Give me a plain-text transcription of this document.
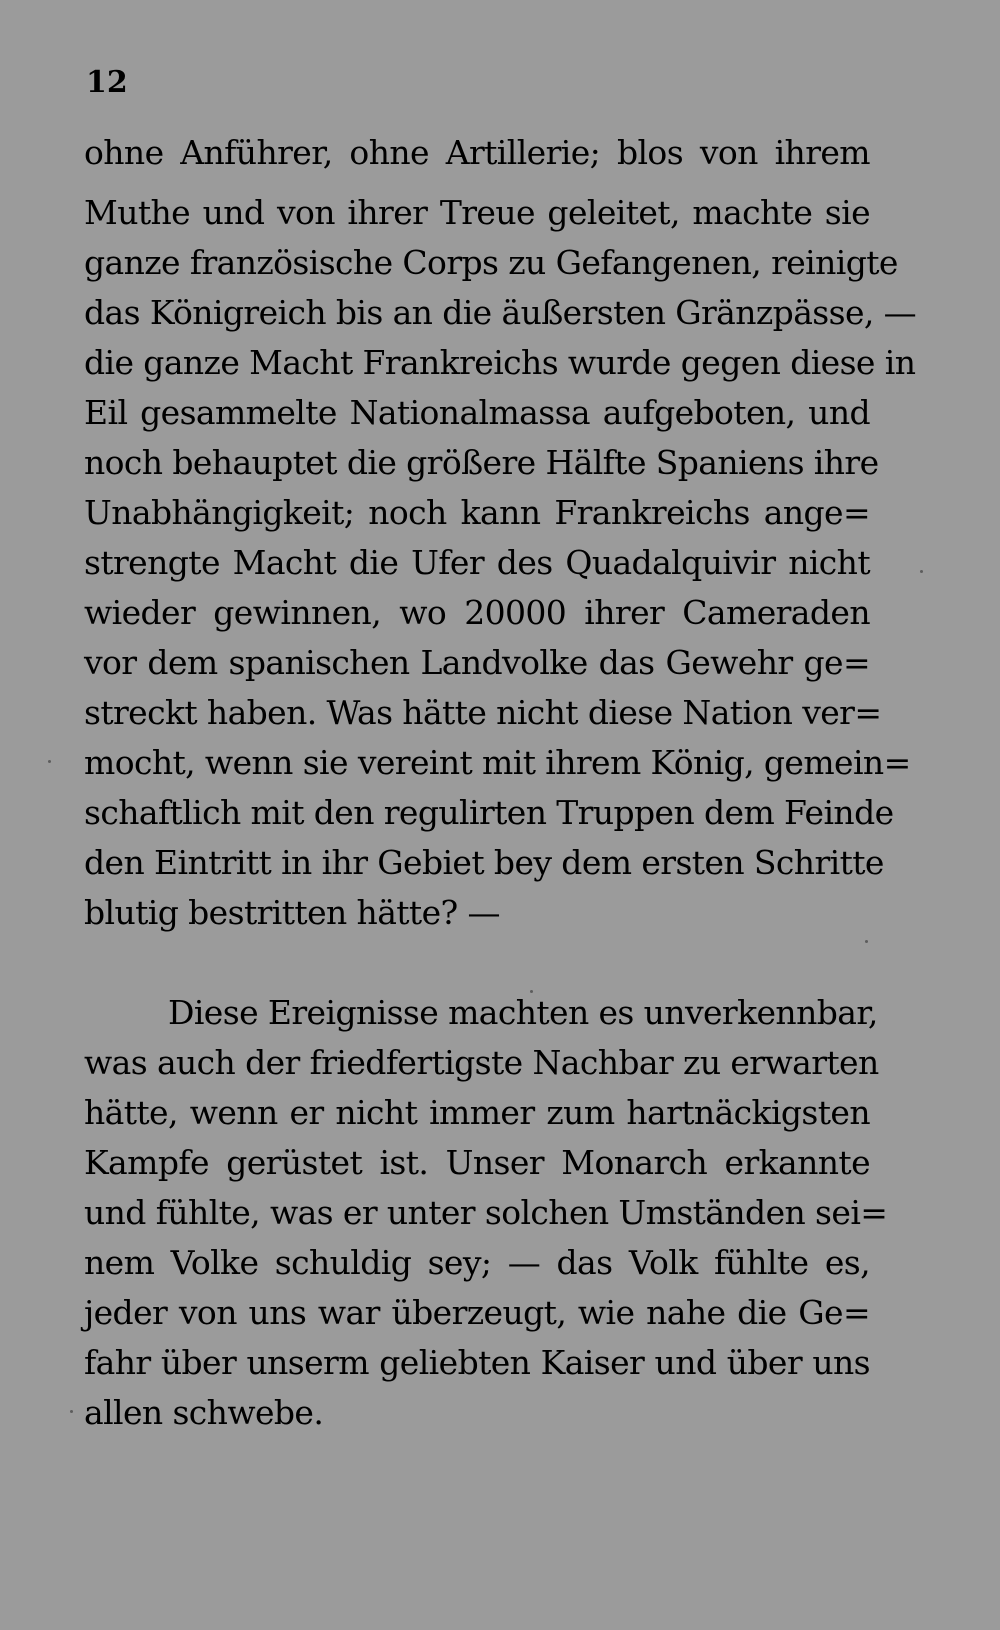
12
ohne Anführer, ohne Artillerie; blos von ihrem
Muthe und von ihrer Treue geleitet, machte sie
ganze französische Corps zu Gefangenen, reinigte
das Königreich bis an die äußersten Gränzpässe, —
die ganze Macht Frankreichs wurde gegen diese in
Eil gesammelte Nationalmassa aufgeboten, und
noch behauptet die größere Hälfte Spaniens ihre
Unabhängigkeit; noch kann Frankreichs ange=
strengte Macht die Ufer des Quadalquivir nicht
wieder gewinnen, wo 20000 ihrer Cameraden
vor dem spanischen Landvolke das Gewehr ge=
streckt haben. Was hätte nicht diese Nation ver=
mocht, wenn sie vereint mit ihrem König, gemein=
schaftlich mit den regulirten Truppen dem Feinde
den Eintritt in ihr Gebiet bey dem ersten Schritte
blutig bestritten hätte? —
Diese Ereignisse machten es unverkennbar,
was auch der friedfertigste Nachbar zu erwarten
hätte, wenn er nicht immer zum hartnäckigsten
Kampfe gerüstet ist. Unser Monarch erkannte
und fühlte, was er unter solchen Umständen sei=
nem Volke schuldig sey; — das Volk fühlte es,
jeder von uns war überzeugt, wie nahe die Ge=
fahr über unserm geliebten Kaiser und über uns
allen schwebe.
